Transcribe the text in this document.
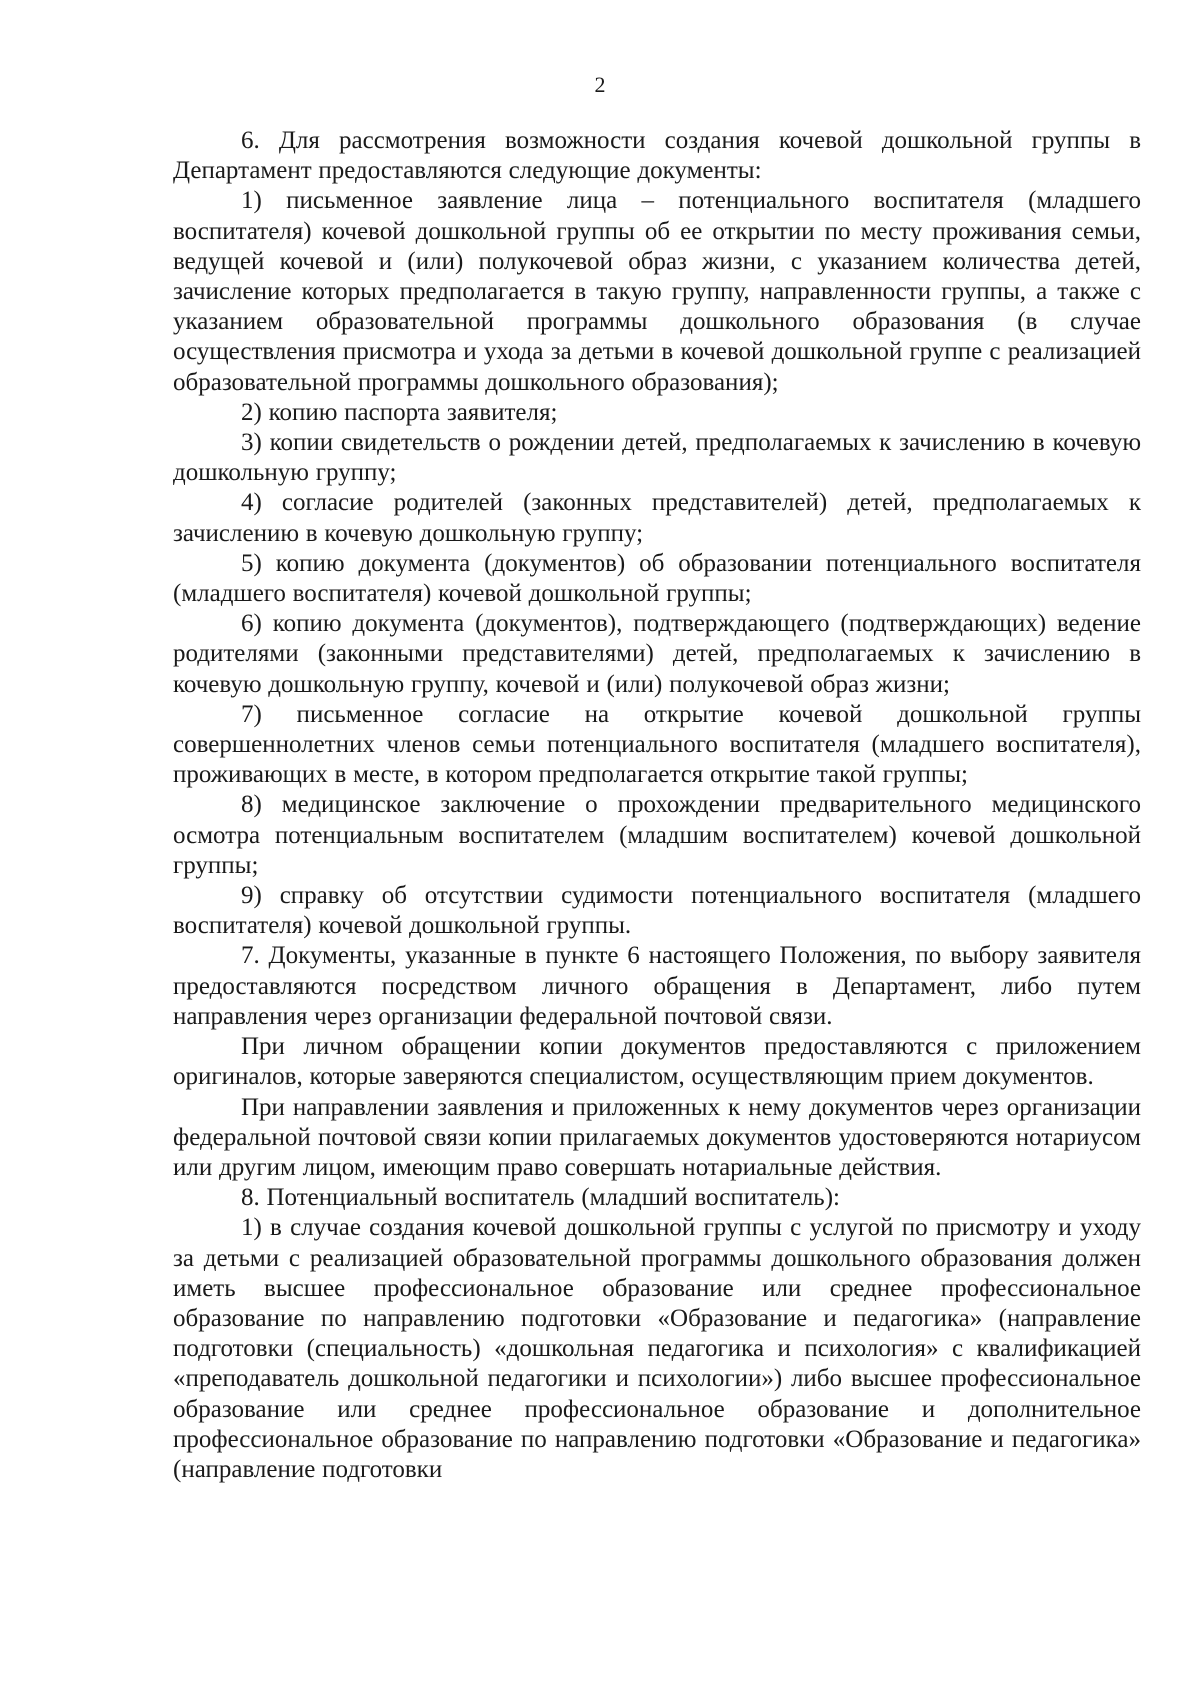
2

6. Для рассмотрения возможности создания кочевой дошкольной группы в Департамент предоставляются следующие документы:

1) письменное заявление лица – потенциального воспитателя (младшего воспитателя) кочевой дошкольной группы об ее открытии по месту проживания семьи, ведущей кочевой и (или) полукочевой образ жизни, с указанием количества детей, зачисление которых предполагается в такую группу, направленности группы, а также с указанием образовательной программы дошкольного образования (в случае осуществления присмотра и ухода за детьми в кочевой дошкольной группе с реализацией образовательной программы дошкольного образования);

2) копию паспорта заявителя;

3) копии свидетельств о рождении детей, предполагаемых к зачислению в кочевую дошкольную группу;

4) согласие родителей (законных представителей) детей, предполагаемых к зачислению в кочевую дошкольную группу;

5) копию документа (документов) об образовании потенциального воспитателя (младшего воспитателя) кочевой дошкольной группы;

6) копию документа (документов), подтверждающего (подтверждающих) ведение родителями (законными представителями) детей, предполагаемых к зачислению в кочевую дошкольную группу, кочевой и (или) полукочевой образ жизни;

7) письменное согласие на открытие кочевой дошкольной группы совершеннолетних членов семьи потенциального воспитателя (младшего воспитателя), проживающих в месте, в котором предполагается открытие такой группы;

8) медицинское заключение о прохождении предварительного медицинского осмотра потенциальным воспитателем (младшим воспитателем) кочевой дошкольной группы;

9) справку об отсутствии судимости потенциального воспитателя (младшего воспитателя) кочевой дошкольной группы.

7. Документы, указанные в пункте 6 настоящего Положения, по выбору заявителя предоставляются посредством личного обращения в Департамент, либо путем направления через организации федеральной почтовой связи.

При личном обращении копии документов предоставляются с приложением оригиналов, которые заверяются специалистом, осуществляющим прием документов.

При направлении заявления и приложенных к нему документов через организации федеральной почтовой связи копии прилагаемых документов удостоверяются нотариусом или другим лицом, имеющим право совершать нотариальные действия.

8. Потенциальный воспитатель (младший воспитатель):

1) в случае создания кочевой дошкольной группы с услугой по присмотру и уходу за детьми с реализацией образовательной программы дошкольного образования должен иметь высшее профессиональное образование или среднее профессиональное образование по направлению подготовки «Образование и педагогика» (направление подготовки (специальность) «дошкольная педагогика и психология» с квалификацией «преподаватель дошкольной педагогики и психологии») либо высшее профессиональное образование или среднее профессиональное образование и дополнительное профессиональное образование по направлению подготовки «Образование и педагогика» (направление подготовки
